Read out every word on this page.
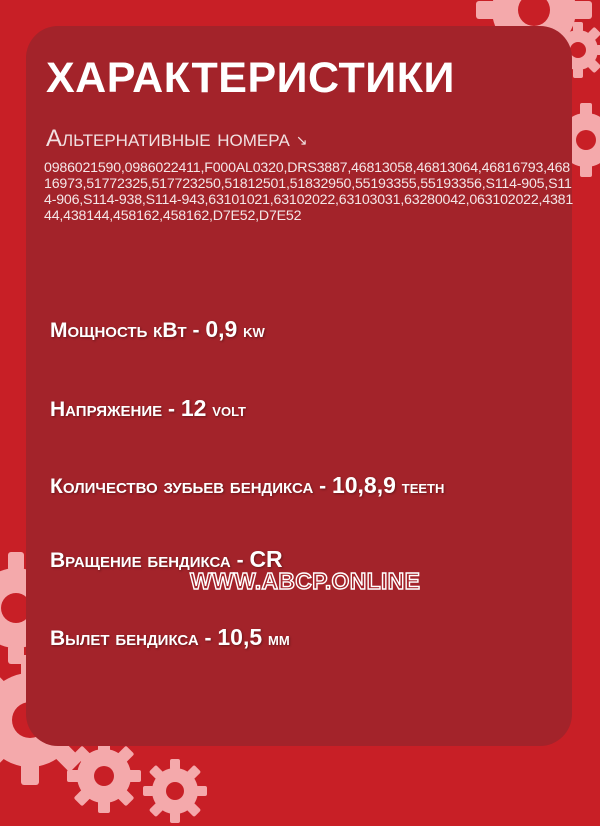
ХАРАКТЕРИСТИКИ
Альтернативные номера ↘
0986021590,0986022411,F000AL0320,DRS3887,46813058,46813064,46816793,46816973,51772325,517723250,51812501,51832950,55193355,55193356,S114-905,S114-906,S114-938,S114-943,63101021,63102022,63103031,63280042,063102022,438144,438144,458162,458162,D7E52,D7E52
Мощность кВт - 0,9 kw
Напряжение - 12 volt
Количество зубьев бендикса - 10,8,9 teeth
Вращение бендикса - CR
Вылет бендикса - 10,5 мм
WWW.ABCP.ONLINE
